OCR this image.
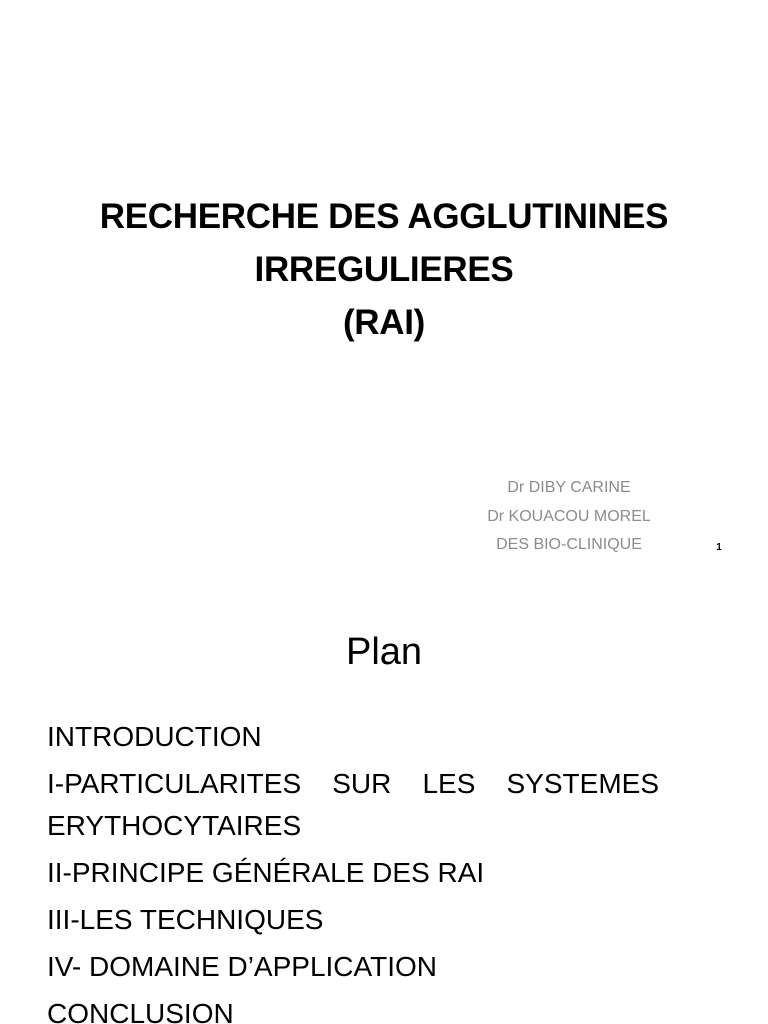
RECHERCHE DES AGGLUTININES
IRREGULIERES
(RAI)
Dr DIBY CARINE
Dr KOUACOU MOREL
DES BIO-CLINIQUE	1
Plan
INTRODUCTION
I-PARTICULARITES SUR LES SYSTEMES
ERYTHOCYTAIRES
II-PRINCIPE GÉNÉRALE DES RAI
III-LES TECHNIQUES
IV- DOMAINE D’APPLICATION
CONCLUSION
